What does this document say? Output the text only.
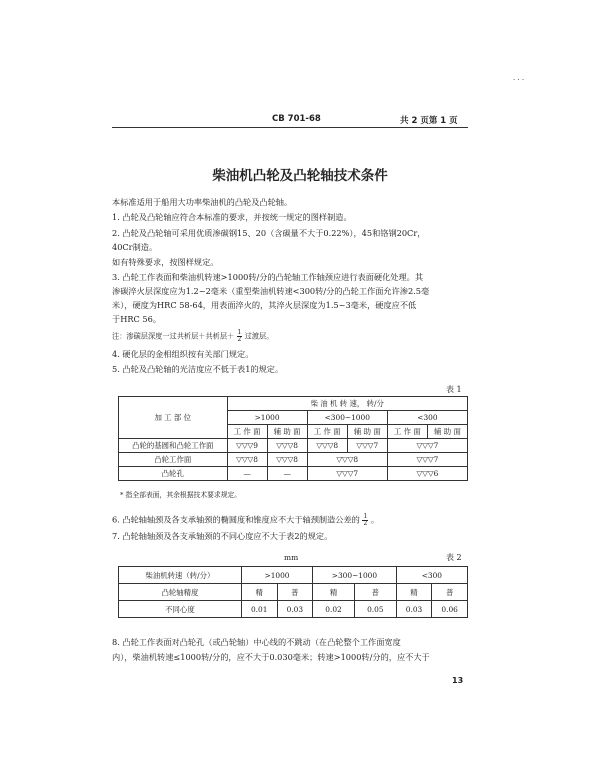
. . .
CB 701-68	共 2 页第 1 页
柴油机凸轮及凸轮轴技术条件
本标准适用于船用大功率柴油机的凸轮及凸轮轴。
1. 凸轮及凸轮轴应符合本标准的要求，并按统一规定的图样制造。
2. 凸轮及凸轮轴可采用优质渗碳钢15、20（含碳量不大于0.22%），45和铬钢20Cr，
40Cr制造。
如有特殊要求，按图样规定。
3. 凸轮工作表面和柴油机转速>1000转/分的凸轮轴工作轴颈应进行表面硬化处理。其
渗碳淬火层深度应为1.2~2毫米（重型柴油机转速<300转/分的凸轮工作面允许渗2.5毫
米），硬度为HRC 58-64，用表面淬火的，其淬火层深度为1.5~3毫米，硬度应不低
于HRC 56。
注：渗碳层深度一过共析层＋共析层＋ $\frac{1}{2}$ 过渡层。
4. 硬化层的金相组织按有关部门规定。
5. 凸轮及凸轮轴的光洁度应不低于表1的规定。
表 1
加 工 部 位	柴 油 机 转 速， 转/分					
	>1000		<300~1000		<300	
	工 作 面	辅 助 面	工 作 面	辅 助 面	工 作 面	辅 助 面
凸轮的基圆和凸轮工作面	▽▽▽9	▽▽▽8	▽▽▽8	▽▽▽7	▽▽▽7	
凸轮工作面	▽▽▽8	▽▽▽8	▽▽▽8		▽▽▽7	
凸轮孔	—	—	▽▽▽7		▽▽▽6	
* 指全部表面，其余根据技术要求规定。
6. 凸轮轴轴颈及各支承轴颈的椭圆度和锥度应不大于轴颈制造公差的 $\frac{1}{2}$ 。
7. 凸轮轴轴颈及各支承轴颈的不同心度应不大于表2的规定。
mm	表 2
柴油机转速（转/分）	>1000		>300~1000		<300	
凸轮轴精度	精	普	精	普	精	普
不同心度	0.01	0.03	0.02	0.05	0.03	0.06
8. 凸轮工作表面对凸轮孔（或凸轮轴）中心线的不跳动（在凸轮整个工作面宽度
内），柴油机转速≤1000转/分的，应不大于0.030毫米；转速>1000转/分的，应不大于
13
